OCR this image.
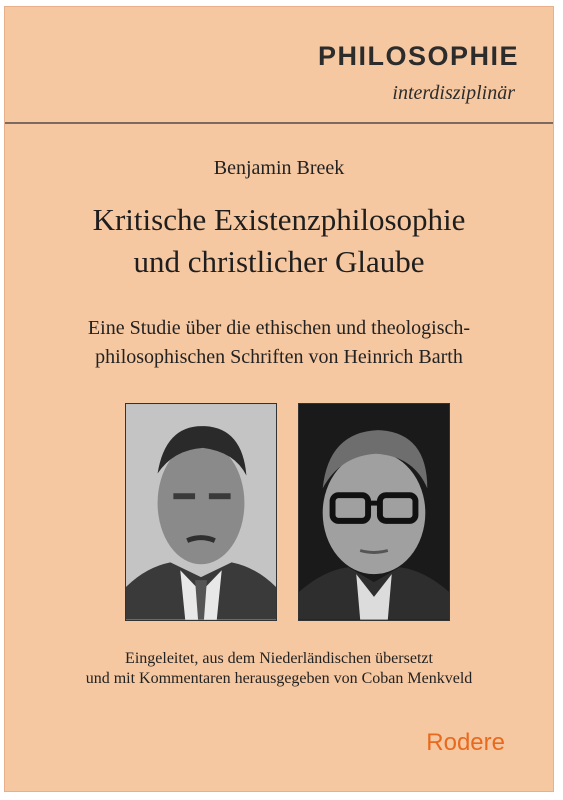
PHILOSOPHIE
interdisziplinär
Benjamin Breek
Kritische Existenzphilosophie
und christlicher Glaube
Eine Studie über die ethischen und theologisch-
philosophischen Schriften von Heinrich Barth
Eingeleitet, aus dem Niederländischen übersetzt
und mit Kommentaren herausgegeben von Coban Menkveld
Rodere
